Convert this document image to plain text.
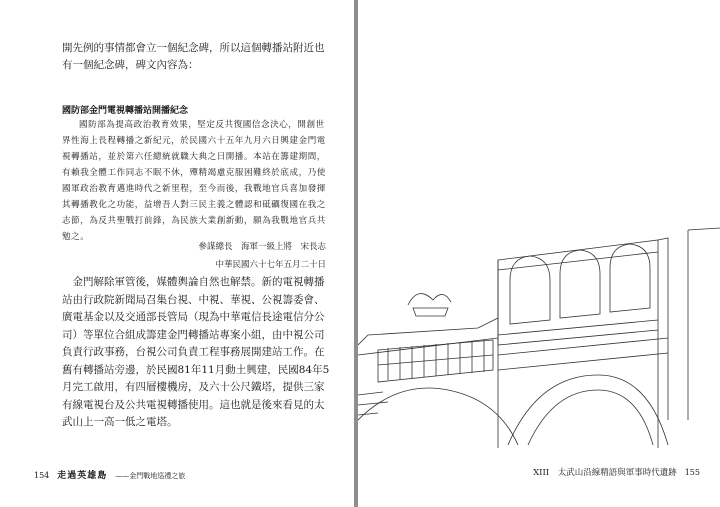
開先例的事情都會立一個紀念碑，所以這個轉播站附近也有一個紀念碑，碑文內容為：
國防部金門電視轉播站開播紀念
國防部為提高政治教育效果，堅定反共復國信念決心，開創世界性海上長程轉播之新紀元，於民國六十五年九月六日興建金門電視轉播站，並於第六任總統就職大典之日開播。本站在籌建期間，有賴我全體工作同志不眠不休，殫精竭慮克服困難終於底成，乃使國軍政治教育邁進時代之新里程，至今而後，我戰地官兵喜加發揮其轉播教化之功能，益增吾人對三民主義之體認和砥礪復國在我之志節，為反共聖戰打前鋒，為民族大業創新動，願為我戰地官兵共勉之。
參謀總長　海軍一級上將　宋長志
中華民國六十七年五月二十日
金門解除軍管後，媒體輿論自然也解禁。新的電視轉播站由行政院新聞局召集台視、中視、華視、公視籌委會、廣電基金以及交通部長管局（現為中華電信長途電信分公司）等單位合組成籌建金門轉播站專案小組，由中視公司負責行政事務，台視公司負責工程事務展開建站工作。在舊有轉播站旁邊，於民國81年11月動土興建，民國84年5月完工啟用，有四層樓機房，及六十公尺鐵塔，提供三家有線電視台及公共電視轉播使用。這也就是後來看見的太武山上一高一低之電塔。
154 走過英雄島 ——金門戰地巡禮之旅	XIII　太武山沿線精語與軍事時代遺跡 155
